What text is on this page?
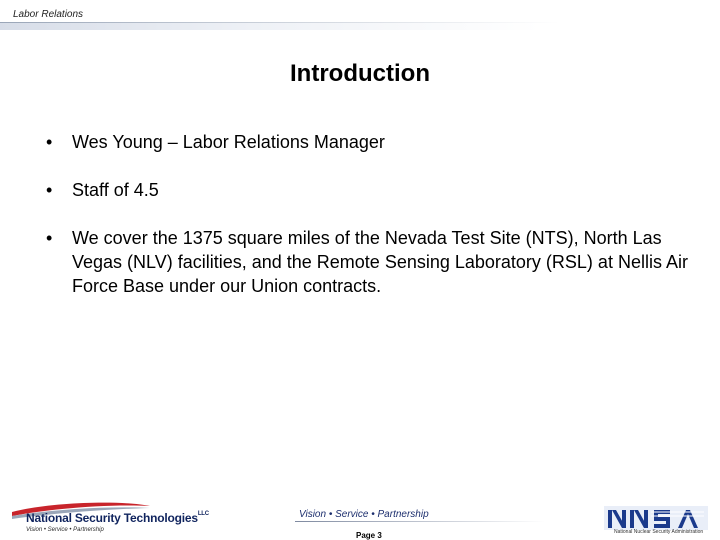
Labor Relations
Introduction
• Wes Young – Labor Relations Manager
• Staff of 4.5
• We cover the 1375 square miles of the Nevada Test Site (NTS), North Las Vegas (NLV) facilities, and the Remote Sensing Laboratory (RSL) at Nellis Air Force Base under our Union contracts.
National Security Technologies$^{LLC}$
Vision • Service • Partnership
Vision • Service • Partnership
Page 3	National Nuclear Security Administration
